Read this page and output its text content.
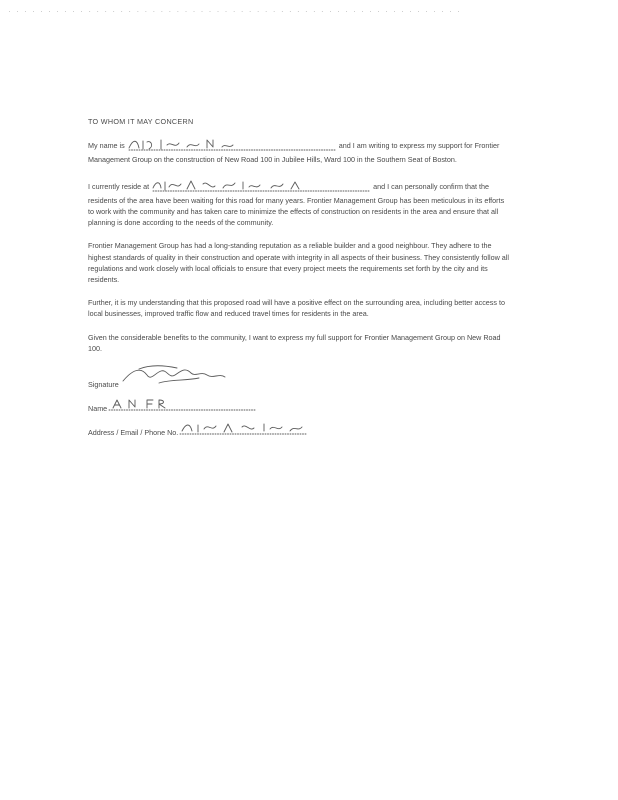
. . . . . . . . . . . . . . . . . . . . . . . . . . . . . . . . . . . . . . . . . . . . . . . . . . . . . . . . .

TO WHOM IT MAY CONCERN

My name is	and I am writing to express my support for Frontier Management Group on the construction of New Road 100 in Jubilee Hills, Ward 100 in the Southern Seat of Boston.

I currently reside at	and I can personally confirm that the residents of the area have been waiting for this road for many years. Frontier Management Group has been meticulous in its efforts to work with the community and has taken care to minimize the effects of construction on residents in the area and ensure that all planning is done according to the needs of the community.

Frontier Management Group has had a long-standing reputation as a reliable builder and a good neighbour. They adhere to the highest standards of quality in their construction and operate with integrity in all aspects of their business. They consistently follow all regulations and work closely with local officials to ensure that every project meets the requirements set forth by the city and its residents.

Further, it is my understanding that this proposed road will have a positive effect on the surrounding area, including better access to local businesses, improved traffic flow and reduced travel times for residents in the area.

Given the considerable benefits to the community, I want to express my full support for Frontier Management Group on New Road 100.

Signature
Name
Address / Email / Phone No.
